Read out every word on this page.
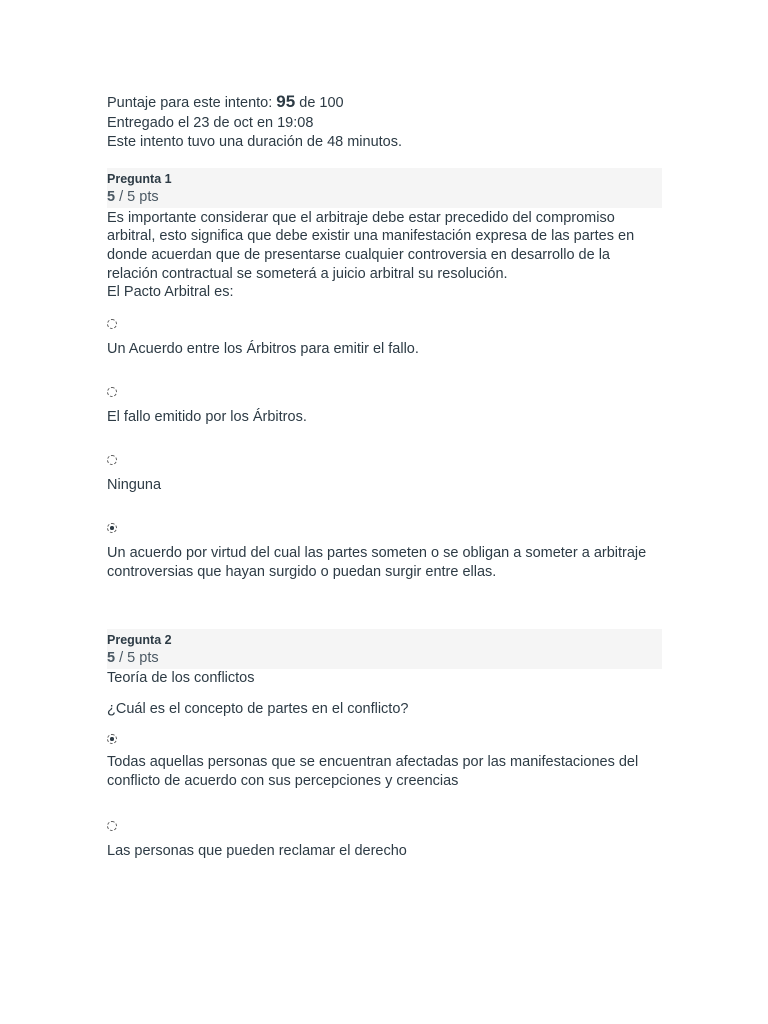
Puntaje para este intento: 95 de 100
Entregado el 23 de oct en 19:08
Este intento tuvo una duración de 48 minutos.
Pregunta 1
5 / 5 pts
Es importante considerar que el arbitraje debe estar precedido del compromiso arbitral, esto significa que debe existir una manifestación expresa de las partes en donde acuerdan que de presentarse cualquier controversia en desarrollo de la relación contractual se someterá a juicio arbitral su resolución.
El Pacto Arbitral es:
Un Acuerdo entre los Árbitros para emitir el fallo.
El fallo emitido por los Árbitros.
Ninguna
Un acuerdo por virtud del cual las partes someten o se obligan a someter a arbitraje controversias que hayan surgido o puedan surgir entre ellas.
Pregunta 2
5 / 5 pts
Teoría de los conflictos
¿Cuál es el concepto de partes en el conflicto?
Todas aquellas personas que se encuentran afectadas por las manifestaciones del conflicto de acuerdo con sus percepciones y creencias
Las personas que pueden reclamar el derecho
